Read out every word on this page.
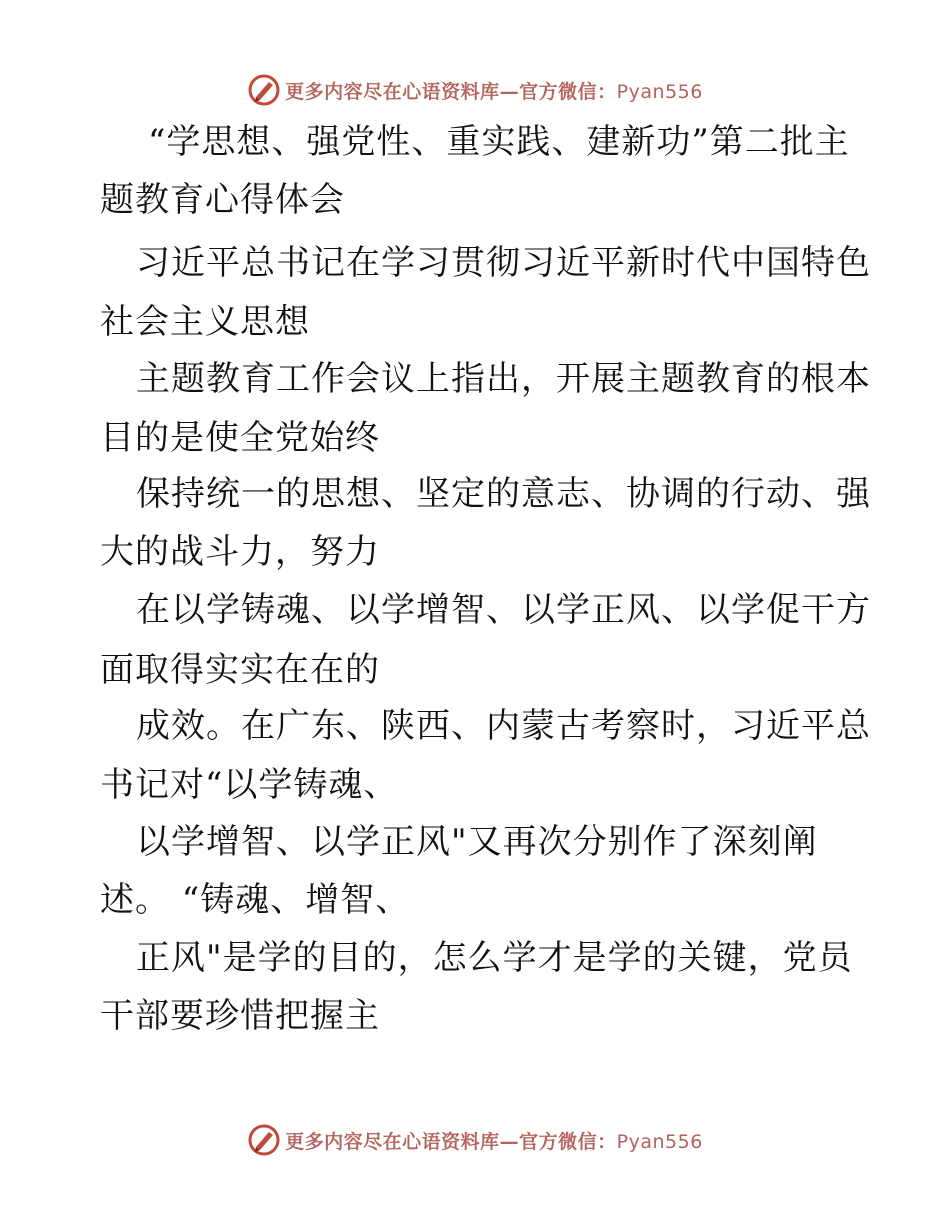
更多内容尽在心语资料库—官方微信：Pyan556
“学思想、强党性、重实践、建新功”第二批主
题教育心得体会
习近平总书记在学习贯彻习近平新时代中国特色
社会主义思想
主题教育工作会议上指出，开展主题教育的根本
目的是使全党始终
保持统一的思想、坚定的意志、协调的行动、强
大的战斗力，努力
在以学铸魂、以学增智、以学正风、以学促干方
面取得实实在在的
成效。在广东、陕西、内蒙古考察时，习近平总
书记对“以学铸魂、
以学增智、以学正风"又再次分别作了深刻阐
述。 “铸魂、增智、
正风"是学的目的，怎么学才是学的关键，党员
干部要珍惜把握主
更多内容尽在心语资料库—官方微信：Pyan556
